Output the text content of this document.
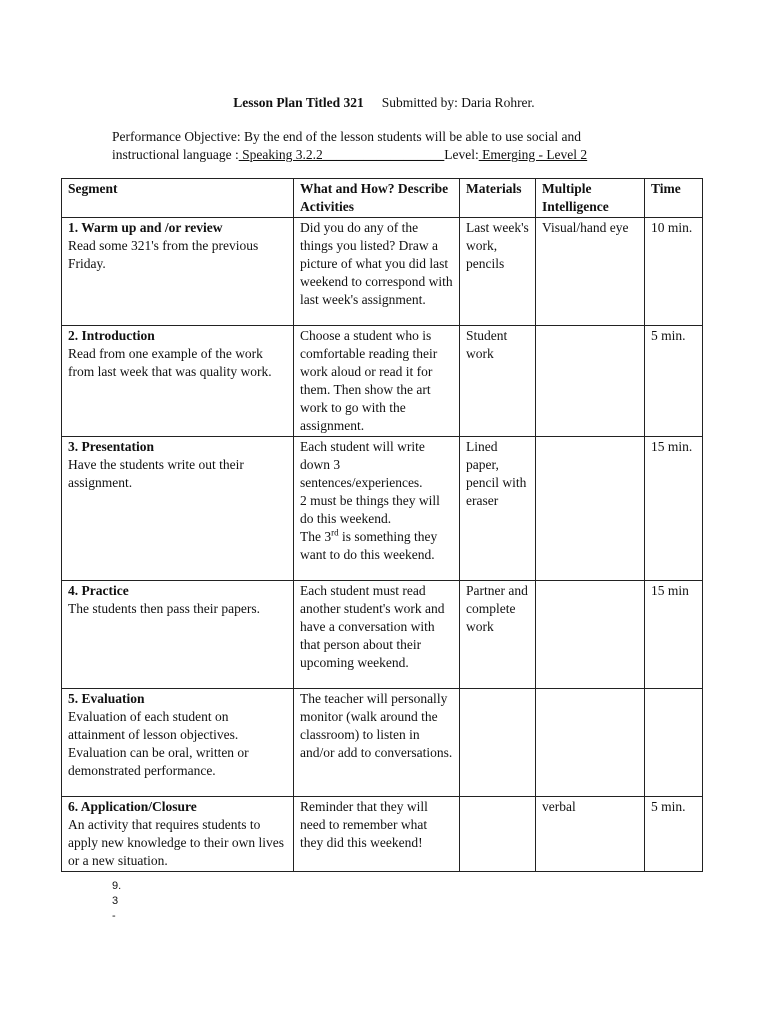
Lesson Plan Titled 321 Submitted by: Daria Rohrer.
Performance Objective: By the end of the lesson students will be able to use social and
instructional language : Speaking 3.2.2__________________Level: Emerging - Level 2
Segment	What and How? Describe Activities	Materials	Multiple Intelligence	Time

1. Warm up and /or review
Read some 321's from the previous Friday.	Did you do any of the things you listed? Draw a picture of what you did last weekend to correspond with last week's assignment.	Last week's work, pencils	Visual/hand eye	10 min.

2. Introduction
Read from one example of the work from last week that was quality work.	Choose a student who is comfortable reading their work aloud or read it for them. Then show the art work to go with the assignment.	Student work		5 min.

3. Presentation
Have the students write out their assignment.	Each student will write down 3 sentences/experiences.
2 must be things they will do this weekend.
The 3rd is something they want to do this weekend.	Lined paper, pencil with eraser		15 min.

4. Practice
The students then pass their papers.	Each student must read another student's work and have a conversation with that person about their upcoming weekend.	Partner and complete work		15 min

5. Evaluation
Evaluation of each student on attainment of lesson objectives. Evaluation can be oral, written or demonstrated performance.	The teacher will personally monitor (walk around the classroom) to listen in and/or add to conversations.			

6. Application/Closure
An activity that requires students to apply new knowledge to their own lives or a new situation.	Reminder that they will need to remember what they did this weekend!		verbal	5 min.
9.
3
-
